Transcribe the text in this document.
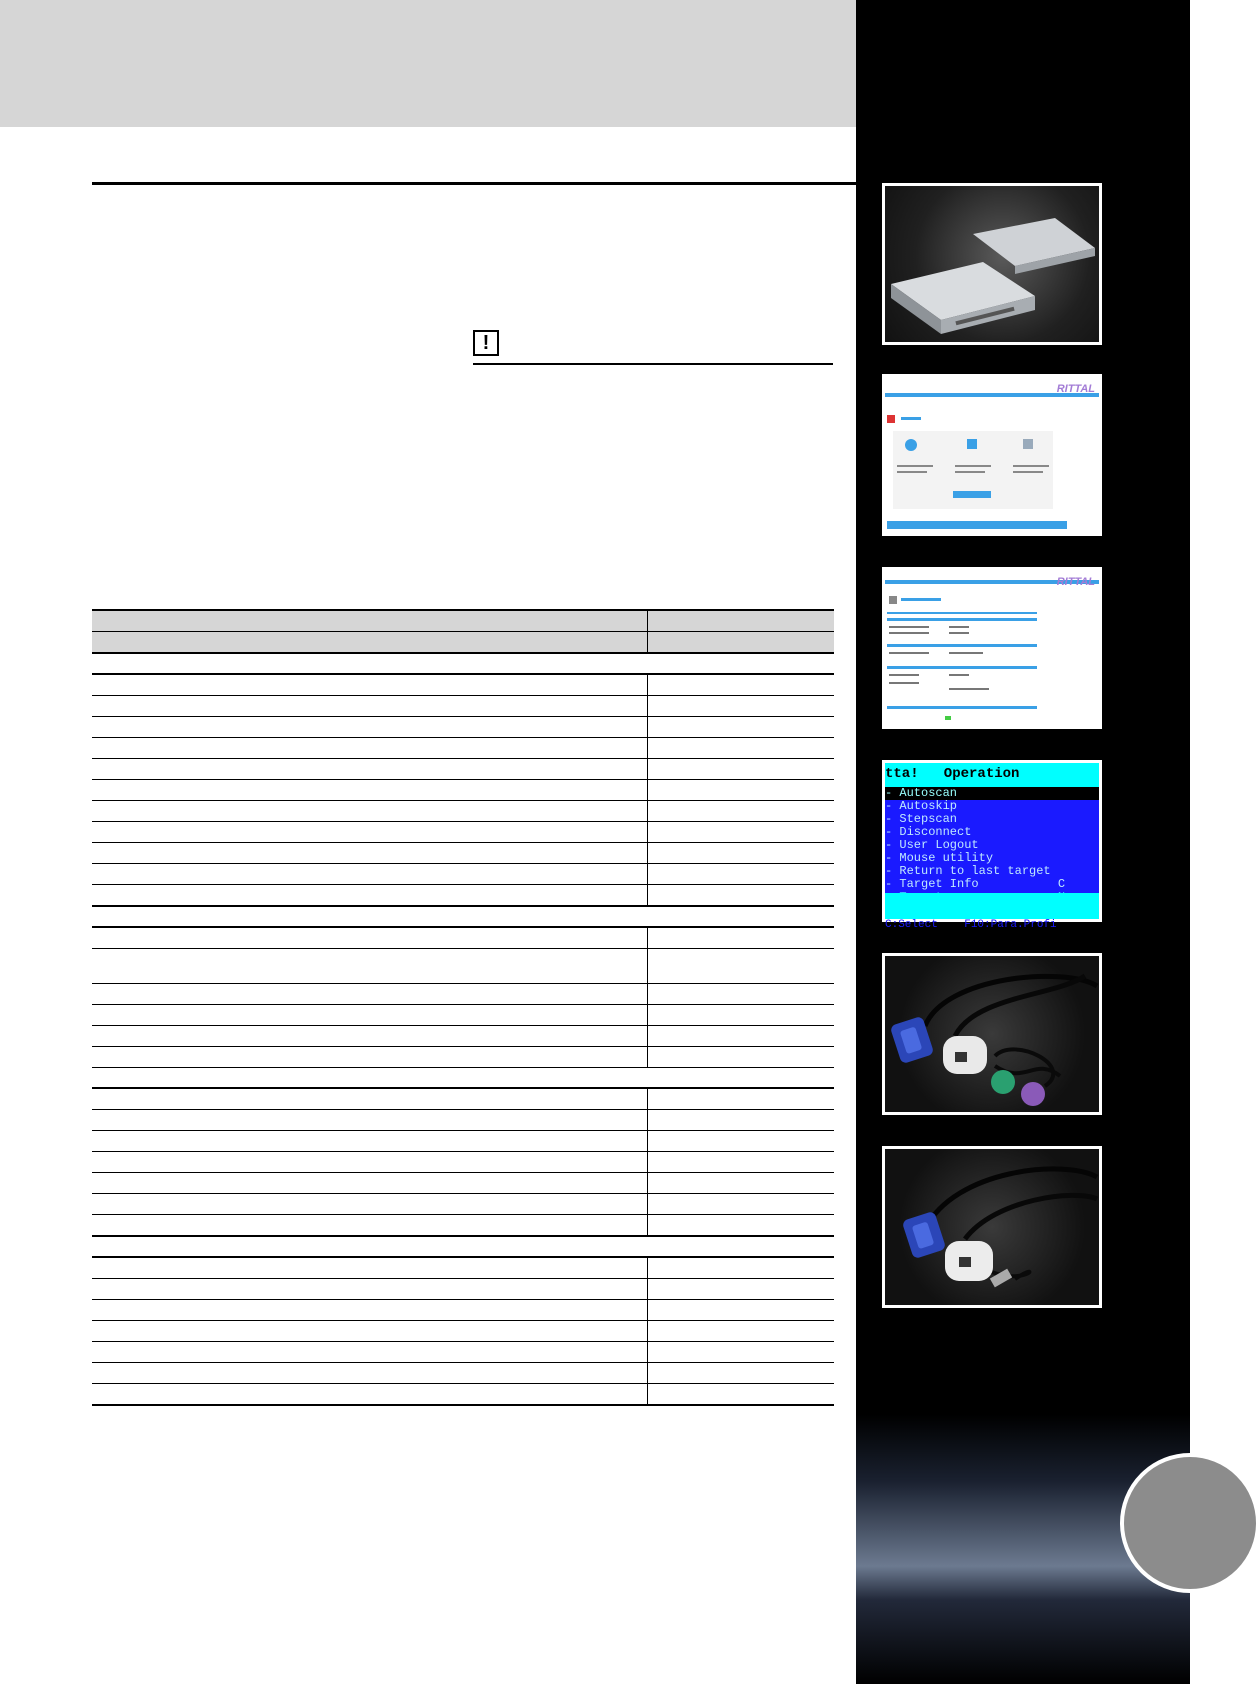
!

RITTAL
RITTAL
tta!   Operation
- Autoscan
- Autoskip
- Stepscan
- Disconnect
- User Logout
- Mouse utility
- Return to last target
- Target Info           C

C:Select    F10:Para.Profi
